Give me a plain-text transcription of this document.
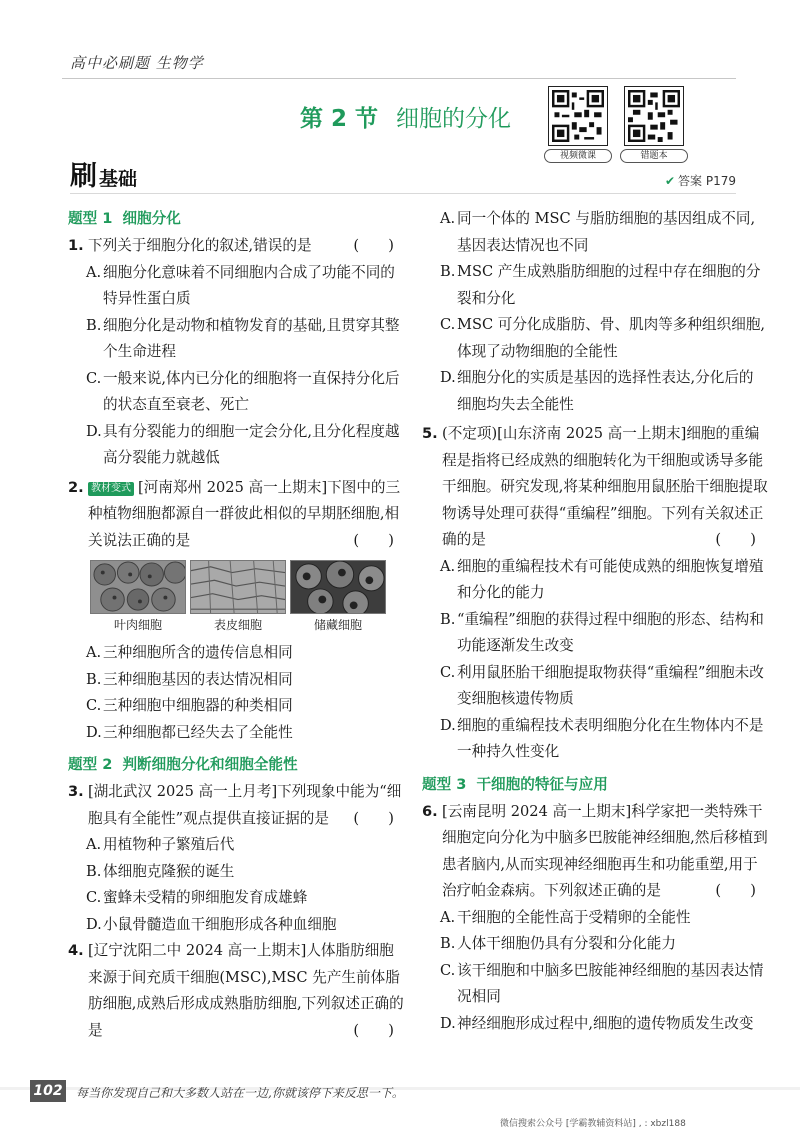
高中必刷题 生物学
第 2 节 细胞的分化
视频微课	错题本
刷 基础	✔ 答案 P179
题型 1 细胞分化
1. 下列关于细胞分化的叙述,错误的是	(　　)
A. 细胞分化意味着不同细胞内合成了功能不同的特异性蛋白质
B. 细胞分化是动物和植物发育的基础,且贯穿其整个生命进程
C. 一般来说,体内已分化的细胞将一直保持分化后的状态直至衰老、死亡
D. 具有分裂能力的细胞一定会分化,且分化程度越高分裂能力就越低
2. 教材变式 [河南郑州 2025 高一上期末]下图中的三种植物细胞都源自一群彼此相似的早期胚细胞,相关说法正确的是	(　　)
叶肉细胞	表皮细胞	储藏细胞
A. 三种细胞所含的遗传信息相同
B. 三种细胞基因的表达情况相同
C. 三种细胞中细胞器的种类相同
D. 三种细胞都已经失去了全能性
题型 2 判断细胞分化和细胞全能性
3. [湖北武汉 2025 高一上月考]下列现象中能为“细胞具有全能性”观点提供直接证据的是 (　　)
A. 用植物种子繁殖后代
B. 体细胞克隆猴的诞生
C. 蜜蜂未受精的卵细胞发育成雄蜂
D. 小鼠骨髓造血干细胞形成各种血细胞
4. [辽宁沈阳二中 2024 高一上期末]人体脂肪细胞来源于间充质干细胞(MSC),MSC 先产生前体脂肪细胞,成熟后形成成熟脂肪细胞,下列叙述正确的是	(　　)
A. 同一个体的 MSC 与脂肪细胞的基因组成不同,基因表达情况也不同
B. MSC 产生成熟脂肪细胞的过程中存在细胞的分裂和分化
C. MSC 可分化成脂肪、骨、肌肉等多种组织细胞,体现了动物细胞的全能性
D. 细胞分化的实质是基因的选择性表达,分化后的细胞均失去全能性
5. (不定项)[山东济南 2025 高一上期末]细胞的重编程是指将已经成熟的细胞转化为干细胞或诱导多能干细胞。研究发现,将某种细胞用鼠胚胎干细胞提取物诱导处理可获得“重编程”细胞。下列有关叙述正确的是	(　　)
A. 细胞的重编程技术有可能使成熟的细胞恢复增殖和分化的能力
B. “重编程”细胞的获得过程中细胞的形态、结构和功能逐渐发生改变
C. 利用鼠胚胎干细胞提取物获得“重编程”细胞未改变细胞核遗传物质
D. 细胞的重编程技术表明细胞分化在生物体内不是一种持久性变化
题型 3 干细胞的特征与应用
6. [云南昆明 2024 高一上期末]科学家把一类特殊干细胞定向分化为中脑多巴胺能神经细胞,然后移植到患者脑内,从而实现神经细胞再生和功能重塑,用于治疗帕金森病。下列叙述正确的是	(　　)
A. 干细胞的全能性高于受精卵的全能性
B. 人体干细胞仍具有分裂和分化能力
C. 该干细胞和中脑多巴胺能神经细胞的基因表达情况相同
D. 神经细胞形成过程中,细胞的遗传物质发生改变
102 每当你发现自己和大多数人站在一边,你就该停下来反思一下。
微信搜索公众号 [学霸教辅资料站] , : xbzl188
